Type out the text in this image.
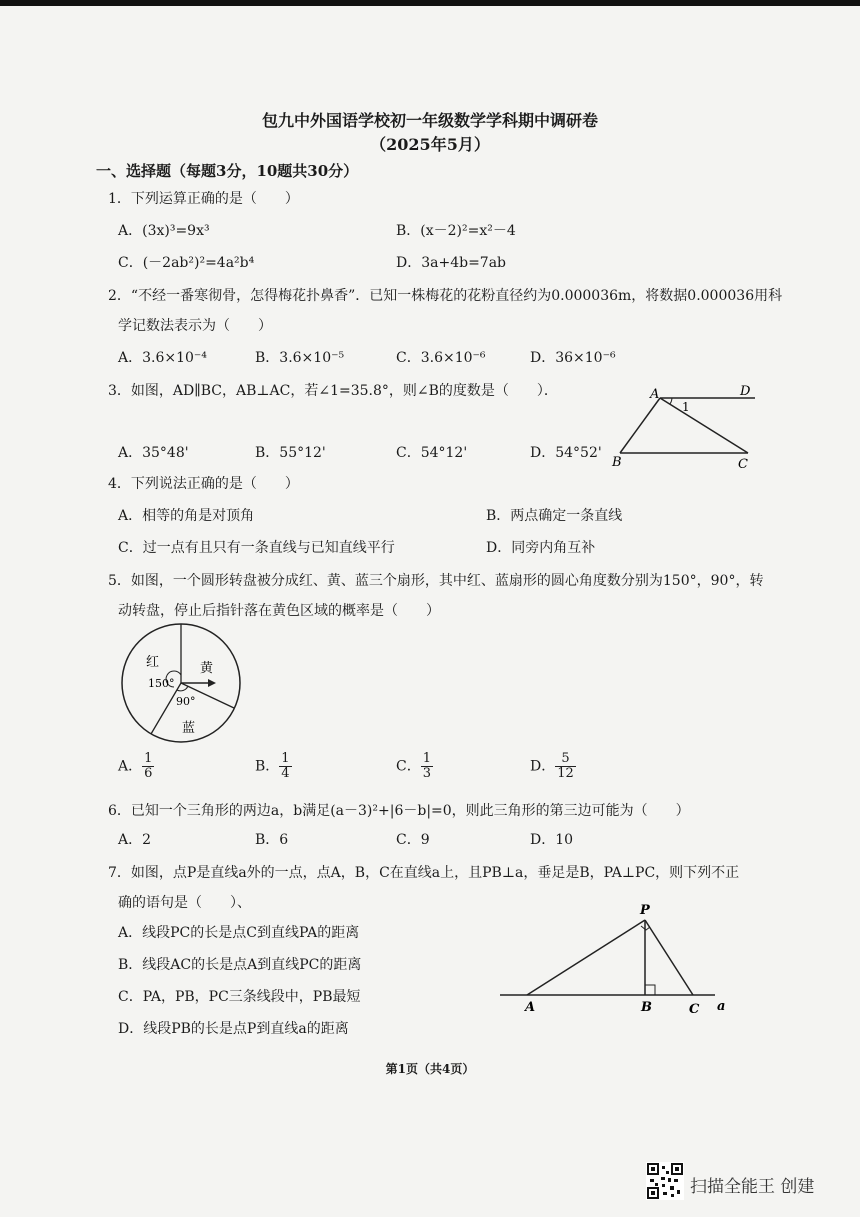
包九中外国语学校初一年级数学学科期中调研卷
（2025年5月）
一、选择题（每题3分，10题共30分）
1．下列运算正确的是（　　）
A．(3x)³=9x³	B．(x－2)²=x²－4
C．(－2ab²)²=4a²b⁴	D．3a+4b=7ab
2．“不经一番寒彻骨，怎得梅花扑鼻香”．已知一株梅花的花粉直径约为0.000036m，将数据0.000036用科
学记数法表示为（　　）
A．3.6×10⁻⁴	B．3.6×10⁻⁵	C．3.6×10⁻⁶	D．36×10⁻⁶
3．如图，AD∥BC，AB⊥AC，若∠1=35.8°，则∠B的度数是（　　）．
A．35°48'	B．55°12'	C．54°12'	D．54°52'
A	D
B	C
1
4．下列说法正确的是（　　）
A．相等的角是对顶角	B．两点确定一条直线
C．过一点有且只有一条直线与已知直线平行	D．同旁内角互补
5．如图，一个圆形转盘被分成红、黄、蓝三个扇形，其中红、蓝扇形的圆心角度数分别为150°，90°，转
动转盘，停止后指针落在黄色区域的概率是（　　）
红	黄
蓝
150°
90°
A． $\frac{1}{6}$	B． $\frac{1}{4}$	C． $\frac{1}{3}$	D． $\frac{5}{12}$
6．已知一个三角形的两边a，b满足(a－3)²+|6－b|=0，则此三角形的第三边可能为（　　）
A．2	B．6	C．9	D．10
7．如图，点P是直线a外的一点，点A，B，C在直线a上，且PB⊥a，垂足是B，PA⊥PC，则下列不正
确的语句是（　　）、
A．线段PC的长是点C到直线PA的距离
B．线段AC的长是点A到直线PC的距离
C．PA，PB，PC三条线段中，PB最短
D．线段PB的长是点P到直线a的距离
P
A	B	C a
第1页（共4页）
扫描全能王 创建
